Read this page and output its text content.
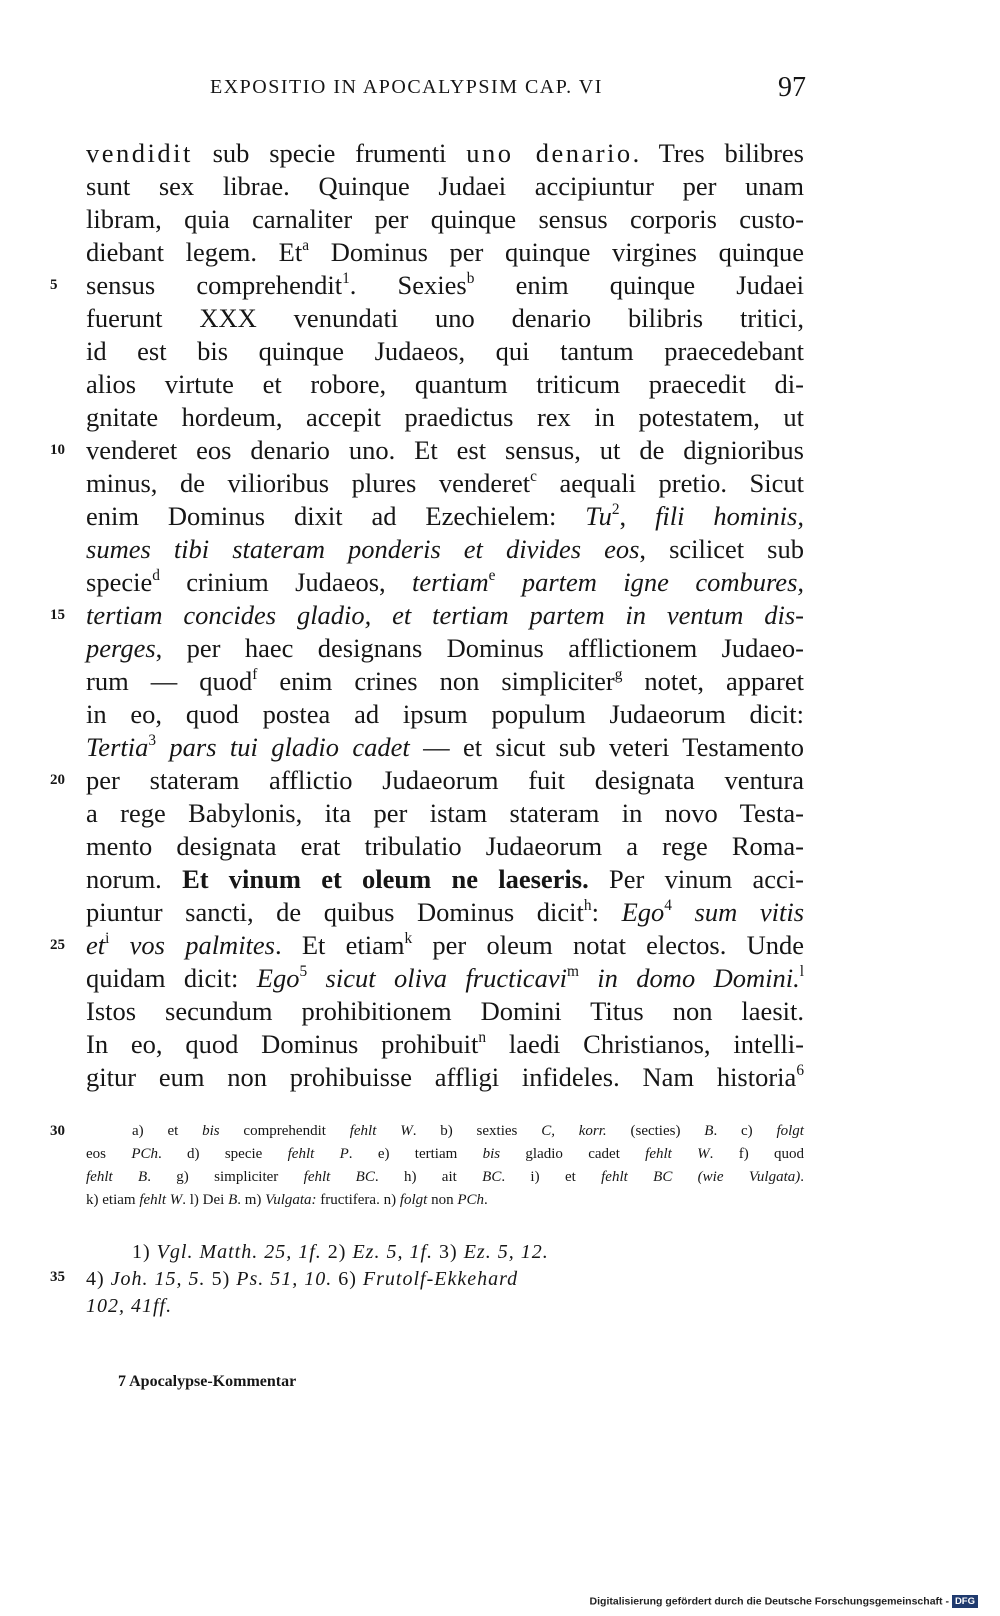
EXPOSITIO IN APOCALYPSIM CAP. VI	97
vendidit sub specie frumenti uno denario. Tres bilibres
sunt sex librae. Quinque Judaei accipiuntur per unam
libram, quia carnaliter per quinque sensus corporis custo-
diebant legem. Et$^a$ Dominus per quinque virgines quinque
sensus comprehendit$^1$. Sexies$^b$ enim quinque Judaei
fuerunt XXX venundati uno denario bilibris tritici,
id est bis quinque Judaeos, qui tantum praecedebant
alios virtute et robore, quantum triticum praecedit di-
gnitate hordeum, accepit praedictus rex in potestatem, ut
venderet eos denario uno. Et est sensus, ut de dignioribus
minus, de vilioribus plures venderet$^c$ aequali pretio. Sicut
enim Dominus dixit ad Ezechielem: Tu$^2$, fili hominis,
sumes tibi stateram ponderis et divides eos, scilicet sub
specie$^d$ crinium Judaeos, tertiam$^e$ partem igne combures,
tertiam concides gladio, et tertiam partem in ventum dis-
perges, per haec designans Dominus afflictionem Judaeo-
rum — quod$^f$ enim crines non simpliciter$^g$ notet, apparet
in eo, quod postea ad ipsum populum Judaeorum dicit:
Tertia$^3$ pars tui gladio cadet — et sicut sub veteri Testamento
per stateram afflictio Judaeorum fuit designata ventura
a rege Babylonis, ita per istam stateram in novo Testa-
mento designata erat tribulatio Judaeorum a rege Roma-
norum. Et vinum et oleum ne laeseris. Per vinum acci-
piuntur sancti, de quibus Dominus dicit$^h$: Ego$^4$ sum vitis
$et^i$ vos palmites. Et etiam$^k$ per oleum notat electos. Unde
quidam dicit: Ego$^5$ sicut oliva fructicavi$^m$ in domo Domini.$^l$
Istos secundum prohibitionem Domini Titus non laesit.
In eo, quod Dominus prohibuit$^n$ laedi Christianos, intelli-
gitur eum non prohibuisse affligi infideles. Nam historia$^6$
5
10
15
20
25
30
35
a) et bis comprehendit fehlt W. b) sexties C, korr. (secties) B. c) folgt
eos PCh. d) specie fehlt P. e) tertiam bis gladio cadet fehlt W. f) quod
fehlt B. g) simpliciter fehlt BC. h) ait BC. i) et fehlt BC (wie Vulgata).
k) etiam fehlt W. l) Dei B. m) Vulgata: fructifera. n) folgt non PCh.
1) Vgl. Matth. 25, 1f. 2) Ez. 5, 1f. 3) Ez. 5, 12.
4) Joh. 15, 5. 5) Ps. 51, 10. 6) Frutolf-Ekkehard
102, 41ff.
7 Apocalypse-Kommentar
Digitalisierung gefördert durch die Deutsche Forschungsgemeinschaft - DFG
